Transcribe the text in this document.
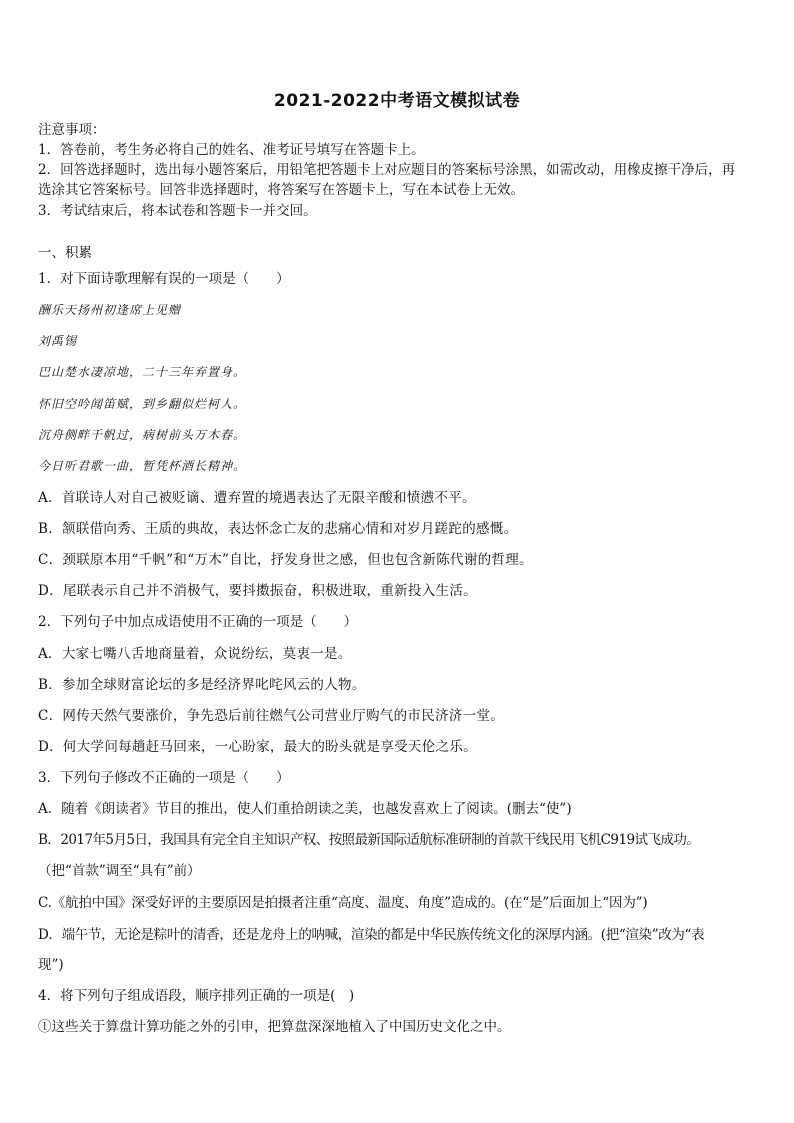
2021-2022中考语文模拟试卷
注意事项：
1．答卷前，考生务必将自己的姓名、准考证号填写在答题卡上。
2．回答选择题时，选出每小题答案后，用铅笔把答题卡上对应题目的答案标号涂黑，如需改动，用橡皮擦干净后，再
选涂其它答案标号。回答非选择题时，将答案写在答题卡上，写在本试卷上无效。
3．考试结束后，将本试卷和答题卡一并交回。
一、积累
1．对下面诗歌理解有误的一项是（　　）
酬乐天扬州初逢席上见赠
刘禹锡
巴山楚水凄凉地，二十三年弃置身。
怀旧空吟闻笛赋，到乡翻似烂柯人。
沉舟侧畔千帆过，病树前头万木春。
今日听君歌一曲，暂凭杯酒长精神。
A．首联诗人对自己被贬谪、遭弃置的境遇表达了无限辛酸和愤懑不平。
B．颔联借向秀、王质的典故，表达怀念亡友的悲痛心情和对岁月蹉跎的感慨。
C．颈联原本用“千帆”和“万木”自比，抒发身世之感，但也包含新陈代谢的哲理。
D．尾联表示自己并不消极气，要抖擞振奋，积极进取，重新投入生活。
2．下列句子中加点成语使用不正确的一项是（　　）
A．大家七嘴八舌地商量着，众说纷纭，莫衷一是。
B．参加全球财富论坛的多是经济界叱咤风云的人物。
C．网传天然气要涨价，争先恐后前往燃气公司营业厅购气的市民济济一堂。
D．何大学问每趟赶马回来，一心盼家，最大的盼头就是享受天伦之乐。
3．下列句子修改不正确的一项是（　　）
A．随着《朗读者》节目的推出，使人们重拾朗读之美，也越发喜欢上了阅读。(删去“使”)
B．2017年5月5日，我国具有完全自主知识产权、按照最新国际适航标准研制的首款干线民用飞机C919试飞成功。
（把“首款”调至“具有”前）
C.《航拍中国》深受好评的主要原因是拍摄者注重“高度、温度、角度”造成的。(在“是”后面加上“因为”)
D．端午节，无论是粽叶的清香，还是龙舟上的呐喊，渲染的都是中华民族传统文化的深厚内涵。(把“渲染”改为“表
现”)
4．将下列句子组成语段，顺序排列正确的一项是(　)
①这些关于算盘计算功能之外的引申，把算盘深深地植入了中国历史文化之中。
